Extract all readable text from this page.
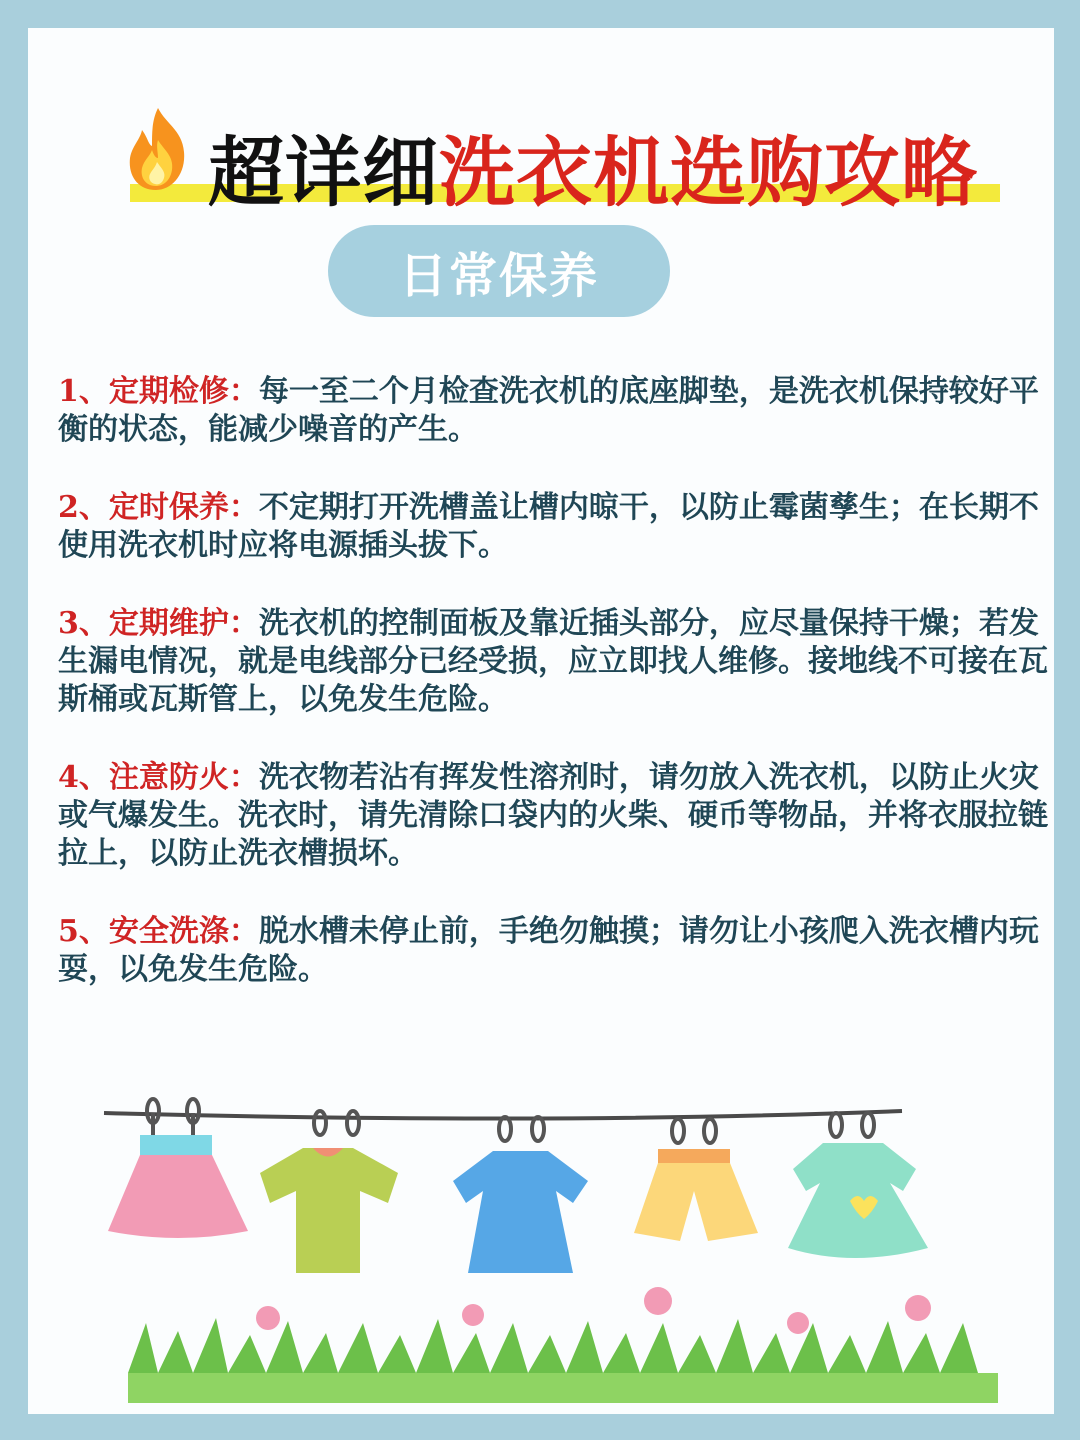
超详细洗衣机选购攻略
日常保养
1、定期检修：每一至二个月检查洗衣机的底座脚垫，是洗衣机保持较好平衡的状态，能减少噪音的产生。
2、定时保养：不定期打开洗槽盖让槽内晾干，以防止霉菌孳生；在长期不使用洗衣机时应将电源插头拔下。
3、定期维护：洗衣机的控制面板及靠近插头部分，应尽量保持干燥；若发生漏电情况，就是电线部分已经受损，应立即找人维修。接地线不可接在瓦斯桶或瓦斯管上，以免发生危险。
4、注意防火：洗衣物若沾有挥发性溶剂时，请勿放入洗衣机，以防止火灾或气爆发生。洗衣时，请先清除口袋内的火柴、硬币等物品，并将衣服拉链拉上，以防止洗衣槽损坏。
5、安全洗涤：脱水槽未停止前，手绝勿触摸；请勿让小孩爬入洗衣槽内玩耍，以免发生危险。
